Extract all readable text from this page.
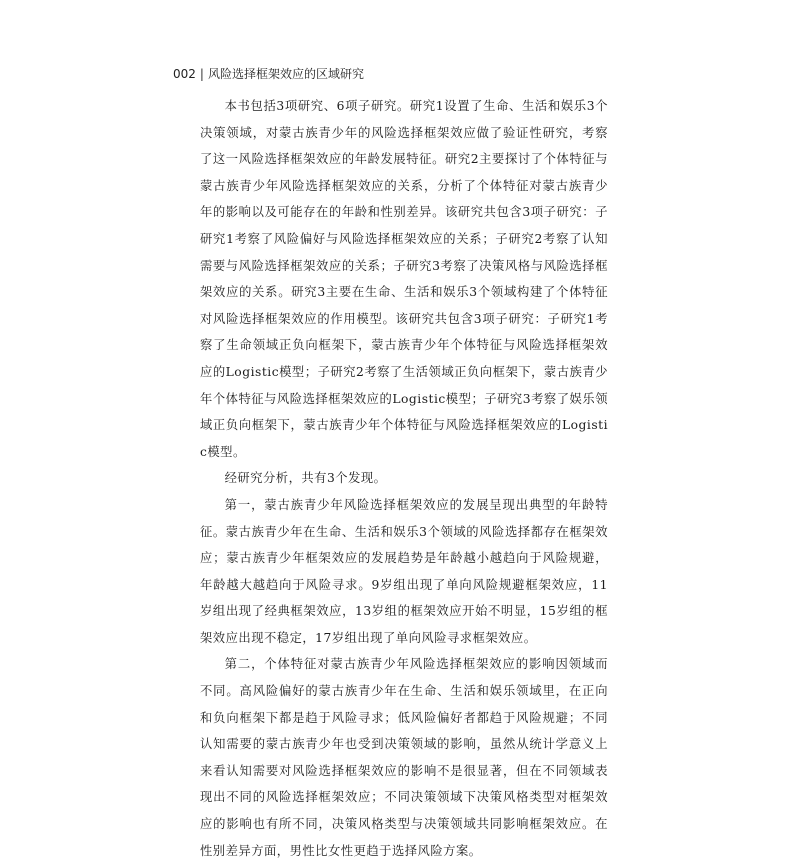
002 | 风险选择框架效应的区域研究

本书包括3项研究、6项子研究。研究1设置了生命、生活和娱乐3个决策领域，对蒙古族青少年的风险选择框架效应做了验证性研究，考察了这一风险选择框架效应的年龄发展特征。研究2主要探讨了个体特征与蒙古族青少年风险选择框架效应的关系，分析了个体特征对蒙古族青少年的影响以及可能存在的年龄和性别差异。该研究共包含3项子研究：子研究1考察了风险偏好与风险选择框架效应的关系；子研究2考察了认知需要与风险选择框架效应的关系；子研究3考察了决策风格与风险选择框架效应的关系。研究3主要在生命、生活和娱乐3个领域构建了个体特征对风险选择框架效应的作用模型。该研究共包含3项子研究：子研究1考察了生命领域正负向框架下，蒙古族青少年个体特征与风险选择框架效应的Logistic模型；子研究2考察了生活领域正负向框架下，蒙古族青少年个体特征与风险选择框架效应的Logistic模型；子研究3考察了娱乐领域正负向框架下，蒙古族青少年个体特征与风险选择框架效应的Logistic模型。

经研究分析，共有3个发现。

第一，蒙古族青少年风险选择框架效应的发展呈现出典型的年龄特征。蒙古族青少年在生命、生活和娱乐3个领域的风险选择都存在框架效应；蒙古族青少年框架效应的发展趋势是年龄越小越趋向于风险规避，年龄越大越趋向于风险寻求。9岁组出现了单向风险规避框架效应，11岁组出现了经典框架效应，13岁组的框架效应开始不明显，15岁组的框架效应出现不稳定，17岁组出现了单向风险寻求框架效应。

第二，个体特征对蒙古族青少年风险选择框架效应的影响因领域而不同。高风险偏好的蒙古族青少年在生命、生活和娱乐领域里，在正向和负向框架下都是趋于风险寻求；低风险偏好者都趋于风险规避；不同认知需要的蒙古族青少年也受到决策领域的影响，虽然从统计学意义上来看认知需要对风险选择框架效应的影响不是很显著，但在不同领域表现出不同的风险选择框架效应；不同决策领域下决策风格类型对框架效应的影响也有所不同，决策风格类型与决策领域共同影响框架效应。在性别差异方面，男性比女性更趋于选择风险方案。
